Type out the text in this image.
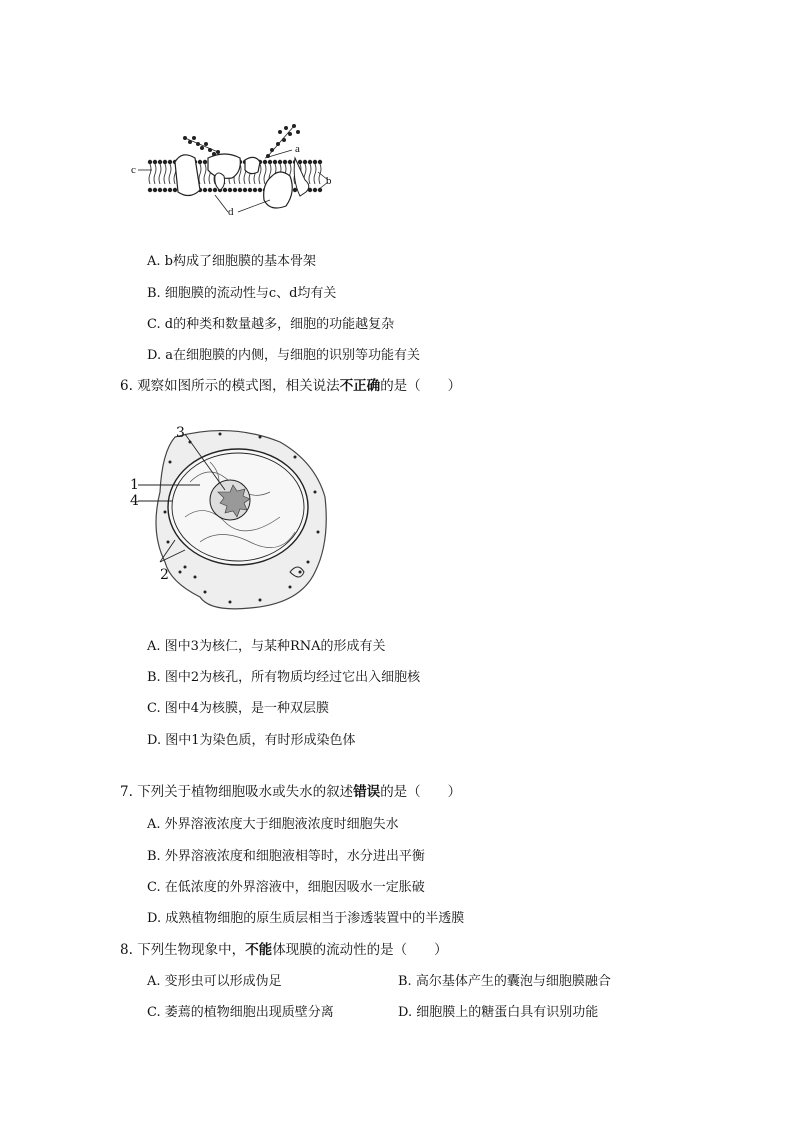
c
a
b
d
A. b构成了细胞膜的基本骨架
B. 细胞膜的流动性与c、d均有关
C. d的种类和数量越多，细胞的功能越复杂
D. a在细胞膜的内侧，与细胞的识别等功能有关
6. 观察如图所示的模式图，相关说法不正确的是（　　）
3
1
4
2
A. 图中3为核仁，与某种RNA的形成有关
B. 图中2为核孔，所有物质均经过它出入细胞核
C. 图中4为核膜，是一种双层膜
D. 图中1为染色质，有时形成染色体
7. 下列关于植物细胞吸水或失水的叙述错误的是（　　）
A. 外界溶液浓度大于细胞液浓度时细胞失水
B. 外界溶液浓度和细胞液相等时，水分进出平衡
C. 在低浓度的外界溶液中，细胞因吸水一定胀破
D. 成熟植物细胞的原生质层相当于渗透装置中的半透膜
8. 下列生物现象中，不能体现膜的流动性的是（　　）
A. 变形虫可以形成伪足	B. 高尔基体产生的囊泡与细胞膜融合
C. 萎蔫的植物细胞出现质壁分离	D. 细胞膜上的糖蛋白具有识别功能
